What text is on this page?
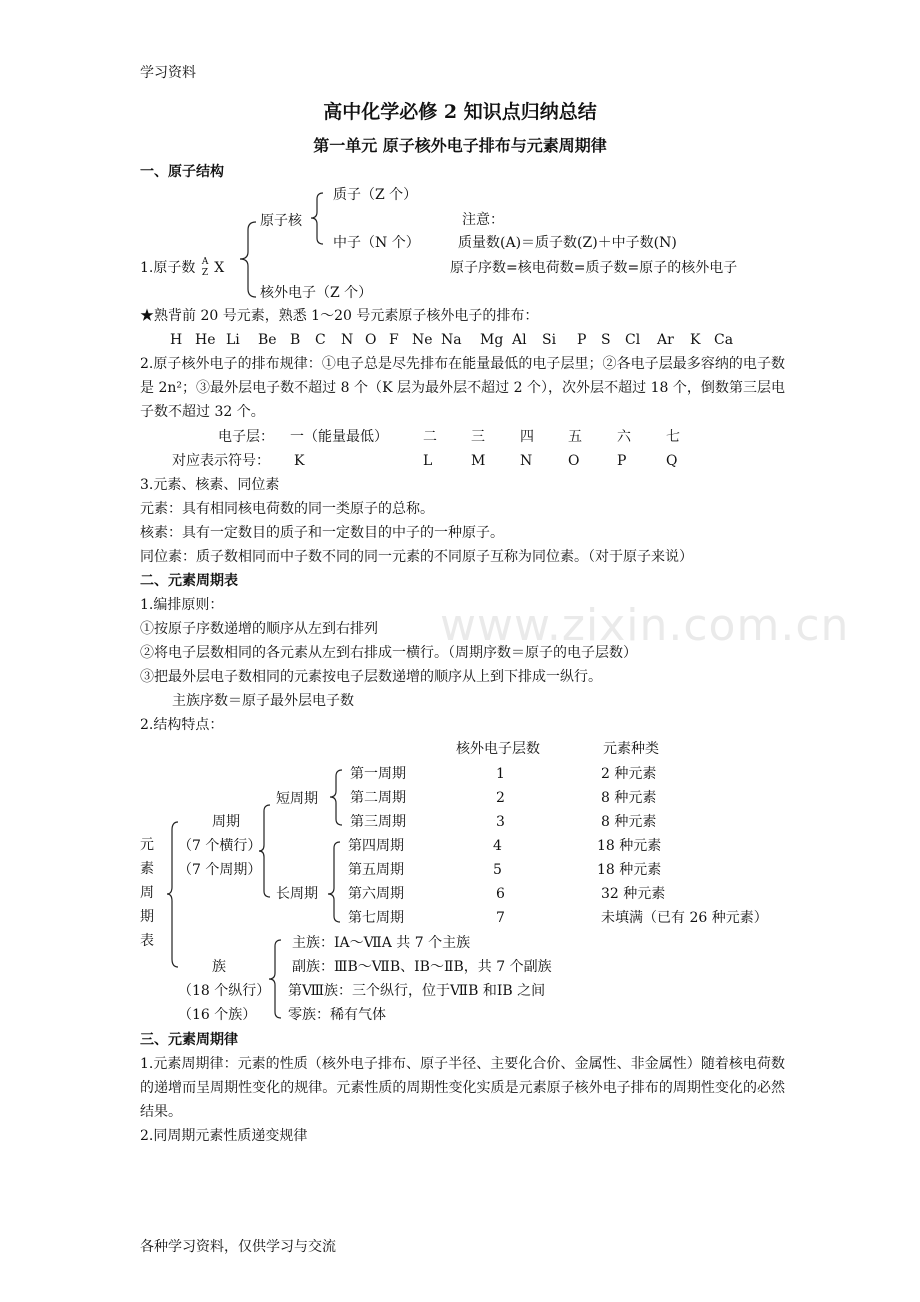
www.zixin.com.cn
学习资料
高中化学必修 2 知识点归纳总结
第一单元 原子核外电子排布与元素周期律
一、原子结构
1.原子数 A
Z X
原子核
质子（Z 个）
中子（N 个）
核外电子（Z 个）
注意：
质量数(A)＝质子数(Z)＋中子数(N)
原子序数=核电荷数=质子数=原子的核外电子
★熟背前 20 号元素，熟悉 1～20 号元素原子核外电子的排布：
H He Li Be B C N O F Ne Na Mg Al Si P S Cl Ar K Ca
2.原子核外电子的排布规律：①电子总是尽先排布在能量最低的电子层里；②各电子层最多容纳的电子数是 2n²；③最外层电子数不超过 8 个（K 层为最外层不超过 2 个），次外层不超过 18 个，倒数第三层电子数不超过 32 个。
电子层： 一（能量最低）	二 三	四 五	六	七
对应表示符号： K	L	M N	O	P	Q
3.元素、核素、同位素
元素：具有相同核电荷数的同一类原子的总称。
核素：具有一定数目的质子和一定数目的中子的一种原子。
同位素：质子数相同而中子数不同的同一元素的不同原子互称为同位素。（对于原子来说）
二、元素周期表
1.编排原则：
①按原子序数递增的顺序从左到右排列
②将电子层数相同的各元素从左到右排成一横行。（周期序数＝原子的电子层数）
③把最外层电子数相同的元素按电子层数递增的顺序从上到下排成一纵行。
主族序数＝原子最外层电子数
2.结构特点：
核外电子层数	元素种类
元
素
周
期
表
周期
（7 个横行）
（7 个周期）
短周期
长周期
第一周期	1	2 种元素
第二周期	2	8 种元素
第三周期	3	8 种元素
第四周期	4	18 种元素
第五周期	5	18 种元素
第六周期	6	32 种元素
第七周期	7	未填满（已有 26 种元素）
族
（18 个纵行）
（16 个族）
主族：ⅠA～ⅦA 共 7 个主族
副族：ⅢB～ⅦB、ⅠB～ⅡB，共 7 个副族
第Ⅷ族：三个纵行，位于ⅦB 和ⅠB 之间
零族：稀有气体
三、元素周期律
1.元素周期律：元素的性质（核外电子排布、原子半径、主要化合价、金属性、非金属性）随着核电荷数的递增而呈周期性变化的规律。元素性质的周期性变化实质是元素原子核外电子排布的周期性变化的必然结果。
2.同周期元素性质递变规律
各种学习资料，仅供学习与交流
